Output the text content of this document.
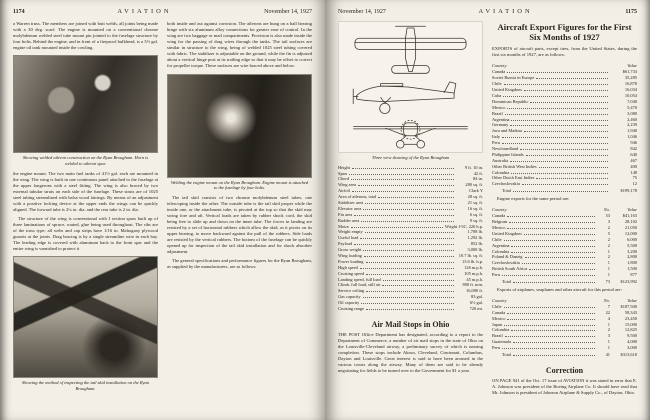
1174	AVIATION	November 14, 1927

a Warren truss. The members are joined with butt welds, all joints being made with a 30 deg. scarf. The engine is mounted on a conventional chrome molybdenum welded steel tube mount pin jointed to the fuselage structure by four bolts. Behind the engine, and in front of a fireproof bulkhead, is a 3½ gal. engine oil tank mounted inside the cowling.

Showing welded aileron construction on the Ryan Brougham. Horn is welded to aileron spar.

the engine mount. The two main fuel tanks of 41½ gal. each are mounted in the wing. The wing is built in one continuous panel attached to the fuselage at the upper longerons with a steel fitting. The wing is also braced by two external tubular struts on each side of the fuselage. These struts are of 1025 steel tubing streamlined with balsa wood fairings. By means of an adjustment with a positive locking device at the upper ends the wings can be quickly aligned. The forward tube is 2¼ in. dia. and the rear tube is 2 in. dia.

The structure of the wing is conventional with I section spars built up of three laminations of spruce, routed, glue being used throughout. The ribs are of the truss type; all webs and cap strips have 1/16 in. Mahogany plywood gussets at the joints. Drag bracing is by a single streamline wire in each bay. The leading edge is covered with aluminum back to the front spar and the entire wing is varnished to protect it

Showing the method of inspecting the tail skid installation on the Ryan Brougham.

both inside and out against corrosion. The ailerons are hung on a ball bearing hinge with six aluminum alloy connections for greater ease of control. In the wing are two baggage or mail compartments. Provision is also made inside the wing for the passing of drag wires through the tanks. The tail surfaces are similar in structure to the wing, being of welded 1025 steel tubing covered with fabric. The stabilizer is adjustable on the ground, while the fin is adjusted about a vertical hinge post at its trailing edge so that it may be offset to correct for propeller torque. These surfaces are wire braced above and below.

Welding the engine mount on the Ryan Brougham. Engine mount is attached to the fuselage by four bolts.

The tail skid consists of two chrome molybdenum steel tubes, one telescoping inside the other. The outside tube is the tail skid proper while the inside one, or the attachment tube, is pivoted at the top so that the skid may swing fore and aft. Vertical loads are taken by rubber shock cord, the skid being free to slide up and down on the inner tube. The forces in landing are resisted by a set of horizontal rubbers which allow the skid, as it pivots on its upper bearing, to move backward against the pull of the rubbers. Side loads are resisted by the vertical rubbers. The bottom of the fuselage can be quickly opened up for inspection of the tail skid installation and for shock absorber adjustment.

The general specifications and performance figures for the Ryan Brougham, as supplied by the manufacturers, are as follows:

November 14, 1927	AVIATION	1175

Three view drawing of the Ryan Brougham

Height	9 ft. 10 in.
Span	42 ft.
Chord	84 in.
Wing area	280 sq. ft.
Airfoil	Clark Y
Area of ailerons, total	28 sq. ft.
Stabilizer area	21 sq. ft.
Elevator area	16 sq. ft.
Fin area	6 sq. ft.
Rudder area	9 sq. ft.
Motor	Wright J-5C, 220 h.p.
Weight empty	1,708 lb.
Useful load	1,292 lb.
Payload	852 lb.
Gross weight	3,000 lb.
Wing loading	10.7 lb. sq. ft.
Power loading	13.6 lb. h.p.
High speed	126 m.p.h.
Cruising speed	105 m.p.h.
Landing speed, full load	45 m.p.h.
Climb, full load, still air	800 ft. min.
Service ceiling	16,000 ft.
Gas capacity	83 gal.
Oil capacity	6½ gal.
Cruising range	720 mi.
Air Mail Stops in Ohio

THE POST Office Department has designated, according to a report to the Department of Commerce, a number of air mail stops in the state of Ohio on the Louisville-Cleveland airway, a preliminary survey of which is nearing completion. These stops include Akron, Cleveland, Cincinnati, Columbus, Dayton and Louisville. Great interest is said to have been aroused in the various towns along the airway. Many of them are said to be already negotiating for fields to be turned over to the Government for $1 a year.

Aircraft Export Figures for the First Six Months of 1927

EXPORTS of aircraft parts, except tires, from the United States, during the first six months of 1927, are as follows:

Country	Value
Canada	$61,733
Soviet Russia in Europe	35,285
Chile	16,878
United Kingdom	16,034
Cuba	10,054
Dominican Republic	7,040
Mexico	5,470
Brazil	3,080
Argentina	2,460
Germany	2,239
Java and Madura	1,940
Italy	1,046
Peru	946
Newfoundland	842
Philippine Islands	640
Australia	467
Other British West Indies	400
Colombia	148
Other Dutch East Indies	75
Czechoslovakia	12
Total	$199,178

Engine exports for the same period are:

Country	No.	Value
Canada	53	$41,163
Belgium	3	28,102
Mexico	2	21,050
United Kingdom	5	12,000
Chile	2	6,000
Argentina	2	5,500
Colombia	1	3,200
Poland & Danzig	2	2,800
Czechoslovakia	1	1,800
British South Africa	1	1,500
Peru	1	877
Total	73	$123,992

Exports of airplanes, seaplanes and other aircraft for this period are:

Country	No.	Value
Chile	7	$187,500
Canada	22	58,343
Mexico	4	23,450
Japan	1	15,000
Colombia	2	12,825
Brazil	3	9,500
Guatemala	1	4,000
Peru	1	3,000
Total	41	$313,618
Correction

ON PAGE 941 of the Oct. 17 issue of AVIATION it was stated in error that E. A. Johnson was president of the Boeing Airplane Co. It should have read that Mr. Johnson is president of Johnson Airplane & Supply Co., of Dayton, Ohio.
